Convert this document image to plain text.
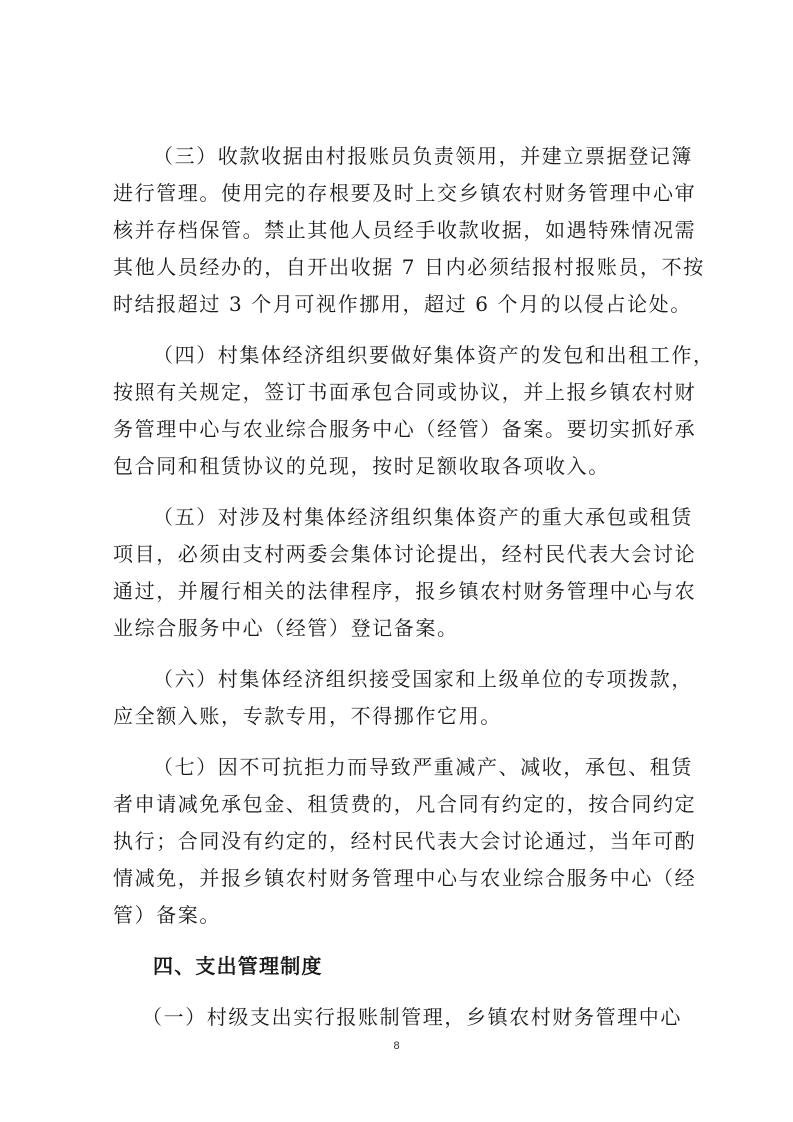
（三）收款收据由村报账员负责领用，并建立票据登记簿
进行管理。使用完的存根要及时上交乡镇农村财务管理中心审
核并存档保管。禁止其他人员经手收款收据，如遇特殊情况需
其他人员经办的，自开出收据 7 日内必须结报村报账员，不按
时结报超过 3 个月可视作挪用，超过 6 个月的以侵占论处。
（四）村集体经济组织要做好集体资产的发包和出租工作，
按照有关规定，签订书面承包合同或协议，并上报乡镇农村财
务管理中心与农业综合服务中心（经管）备案。要切实抓好承
包合同和租赁协议的兑现，按时足额收取各项收入。
（五）对涉及村集体经济组织集体资产的重大承包或租赁
项目，必须由支村两委会集体讨论提出，经村民代表大会讨论
通过，并履行相关的法律程序，报乡镇农村财务管理中心与农
业综合服务中心（经管）登记备案。
（六）村集体经济组织接受国家和上级单位的专项拨款，
应全额入账，专款专用，不得挪作它用。
（七）因不可抗拒力而导致严重减产、减收，承包、租赁
者申请减免承包金、租赁费的，凡合同有约定的，按合同约定
执行；合同没有约定的，经村民代表大会讨论通过，当年可酌
情减免，并报乡镇农村财务管理中心与农业综合服务中心（经
管）备案。
四、支出管理制度
（一）村级支出实行报账制管理，乡镇农村财务管理中心
8
